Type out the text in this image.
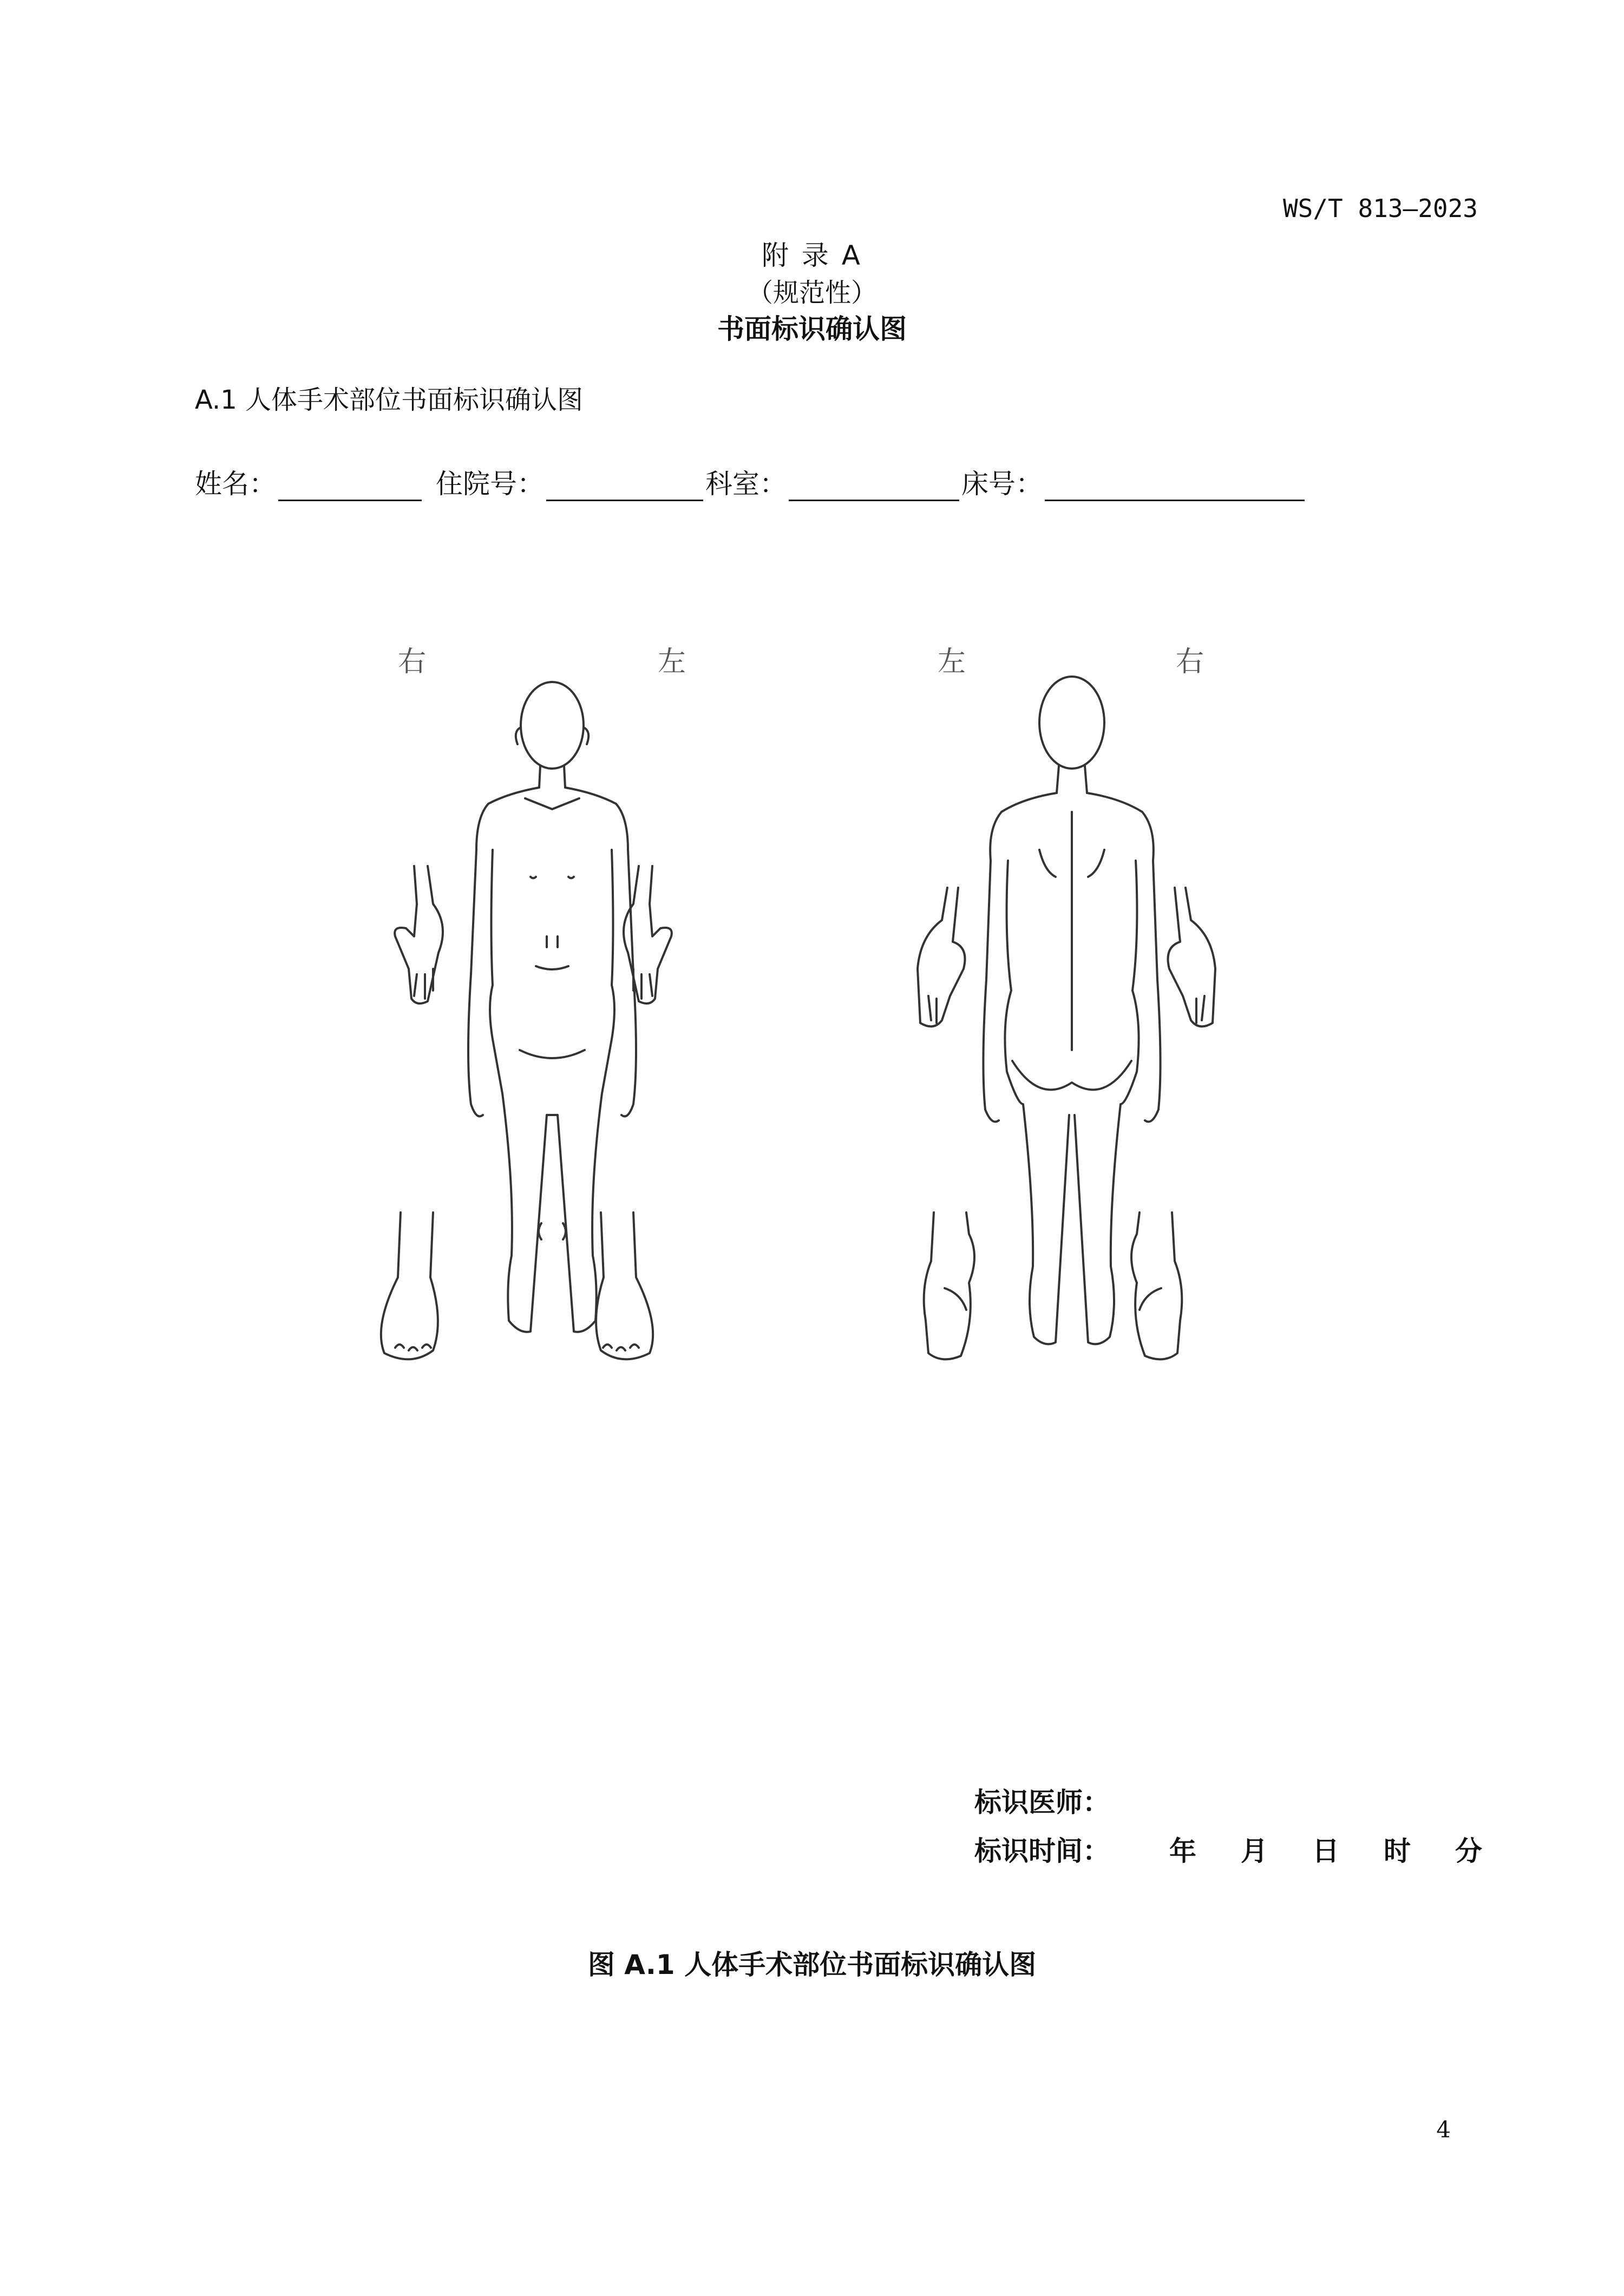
WS/T 813—2023
附 录 A
（规范性）
书面标识确认图
A.1 人体手术部位书面标识确认图
姓名：	住院号：	科室：	床号：
右	左	左	右
标识医师：
标识时间： 年 月 日 时 分
图 A.1 人体手术部位书面标识确认图
4
